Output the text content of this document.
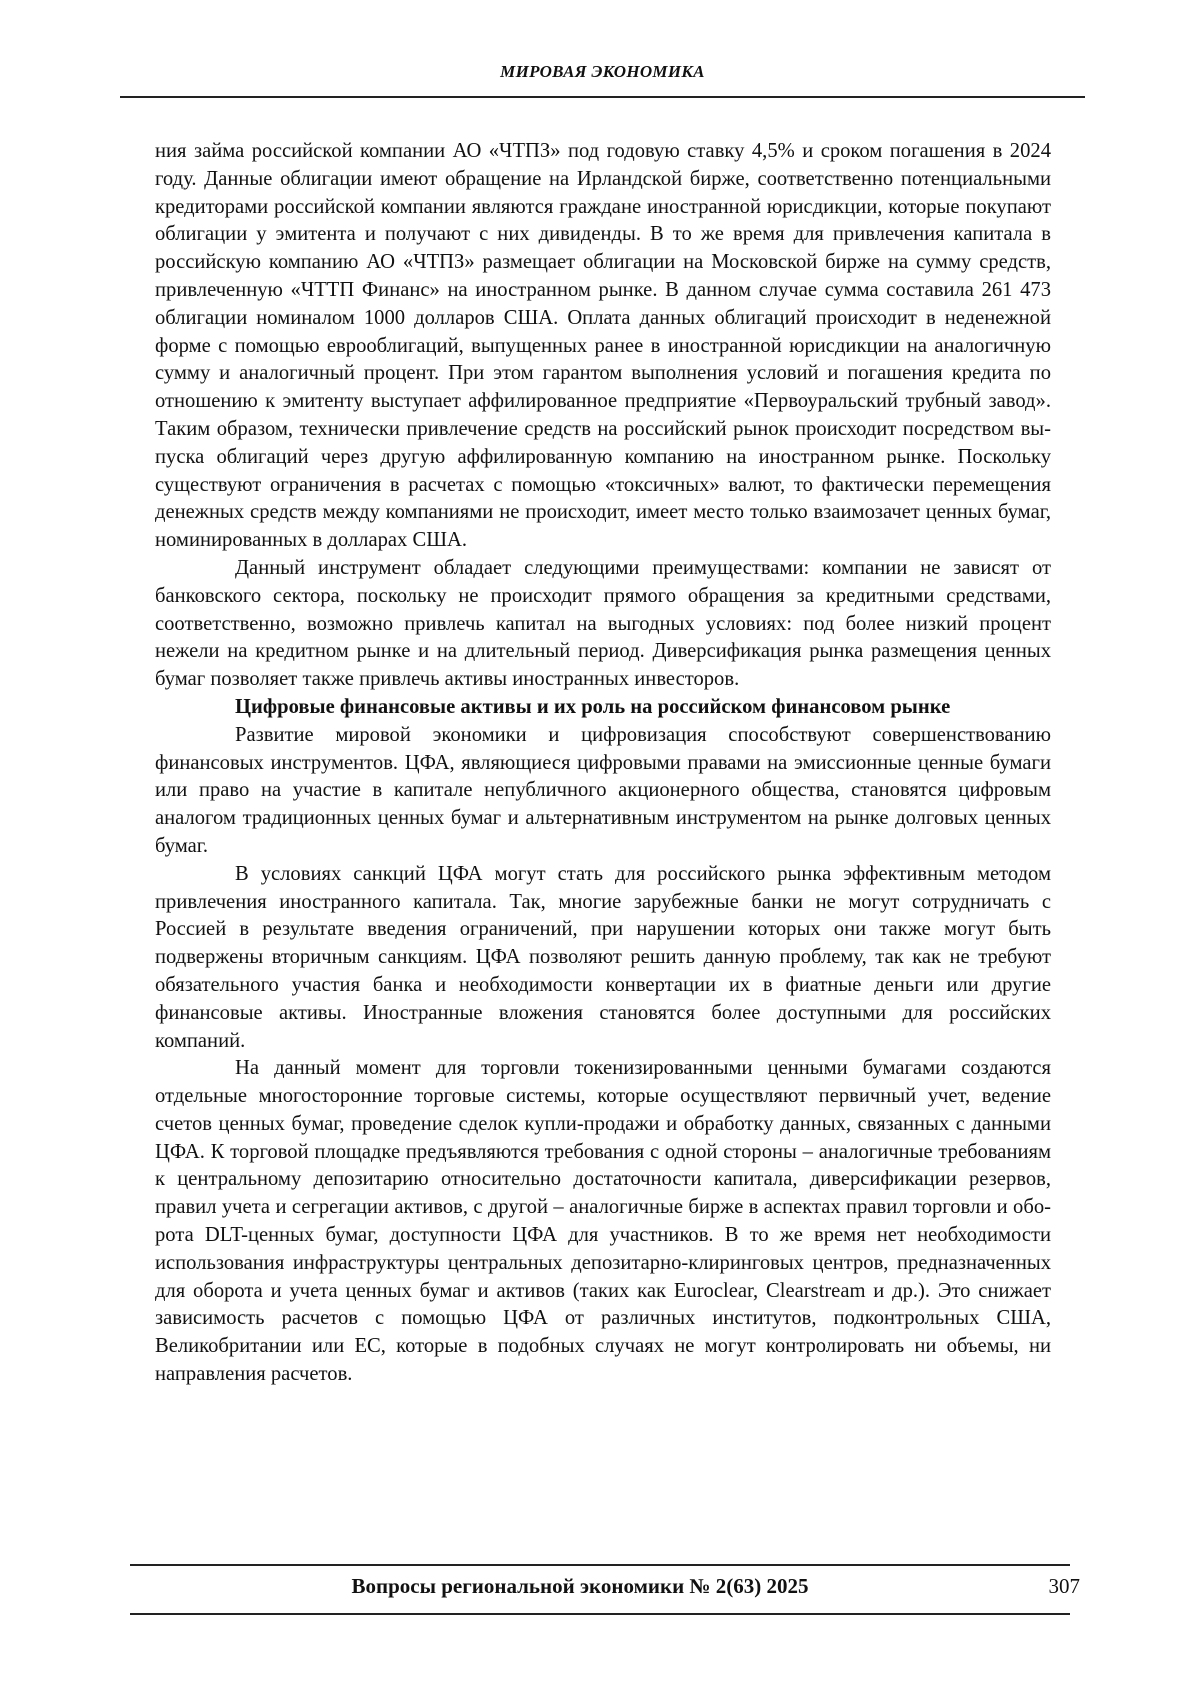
МИРОВАЯ ЭКОНОМИКА

ния займа российской компании АО «ЧТПЗ» под годовую ставку 4,5% и сроком погашения в 2024 году. Данные облигации имеют обращение на Ирландской бирже, соответственно потенциальными кредиторами российской компании являются граждане иностранной юрисдикции, которые покупают облигации у эмитента и получают с них дивиденды. В то же время для привлечения капитала в российскую компанию АО «ЧТПЗ» размещает облигации на Московской бирже на сумму средств, привлеченную «ЧТТП Финанс» на иностранном рынке. В данном случае сумма составила 261 473 облигации номиналом 1000 долларов США. Оплата данных облигаций происходит в неденежной форме с помощью еврооблигаций, выпущенных ранее в иностранной юрисдикции на аналогичную сумму и аналогичный процент. При этом гарантом выполнения условий и погашения кредита по отношению к эмитенту выступает аффилированное предприятие «Первоуральский трубный завод». Таким образом, технически привлечение средств на российский рынок происходит посредством выпуска облигаций через другую аффилированную компанию на иностранном рынке. Поскольку существуют ограничения в расчетах с помощью «токсичных» валют, то фактически перемещения денежных средств между компаниями не происходит, имеет место только взаимозачет ценных бумаг, номинированных в долларах США.

Данный инструмент обладает следующими преимуществами: компании не зависят от банковского сектора, поскольку не происходит прямого обращения за кредитными средствами, соответственно, возможно привлечь капитал на выгодных условиях: под более низкий процент нежели на кредитном рынке и на длительный период. Диверсификация рынка размещения ценных бумаг позволяет также привлечь активы иностранных инвесторов.

Цифровые финансовые активы и их роль на российском финансовом рынке

Развитие мировой экономики и цифровизация способствуют совершенствованию финансовых инструментов. ЦФА, являющиеся цифровыми правами на эмиссионные ценные бумаги или право на участие в капитале непубличного акционерного общества, становятся цифровым аналогом традиционных ценных бумаг и альтернативным инструментом на рынке долговых ценных бумаг.

В условиях санкций ЦФА могут стать для российского рынка эффективным методом привлечения иностранного капитала. Так, многие зарубежные банки не могут сотрудничать с Россией в результате введения ограничений, при нарушении которых они также могут быть подвержены вторичным санкциям. ЦФА позволяют решить данную проблему, так как не требуют обязательного участия банка и необходимости конвертации их в фиатные деньги или другие финансовые активы. Иностранные вложения становятся более доступными для российских компаний.

На данный момент для торговли токенизированными ценными бумагами создаются отдельные многосторонние торговые системы, которые осуществляют первичный учет, ведение счетов ценных бумаг, проведение сделок купли-продажи и обработку данных, связанных с данными ЦФА. К торговой площадке предъявляются требования с одной стороны – аналогичные требованиям к центральному депозитарию относительно достаточности капитала, диверсификации резервов, правил учета и сегрегации активов, с другой – аналогичные бирже в аспектах правил торговли и оборота DLT-ценных бумаг, доступности ЦФА для участников. В то же время нет необходимости использования инфраструктуры центральных депозитарно-клиринговых центров, предназначенных для оборота и учета ценных бумаг и активов (таких как Euroclear, Clearstream и др.). Это снижает зависимость расчетов с помощью ЦФА от различных институтов, подконтрольных США, Великобритании или ЕС, которые в подобных случаях не могут контролировать ни объемы, ни направления расчетов.

Вопросы региональной экономики № 2(63) 2025	307
